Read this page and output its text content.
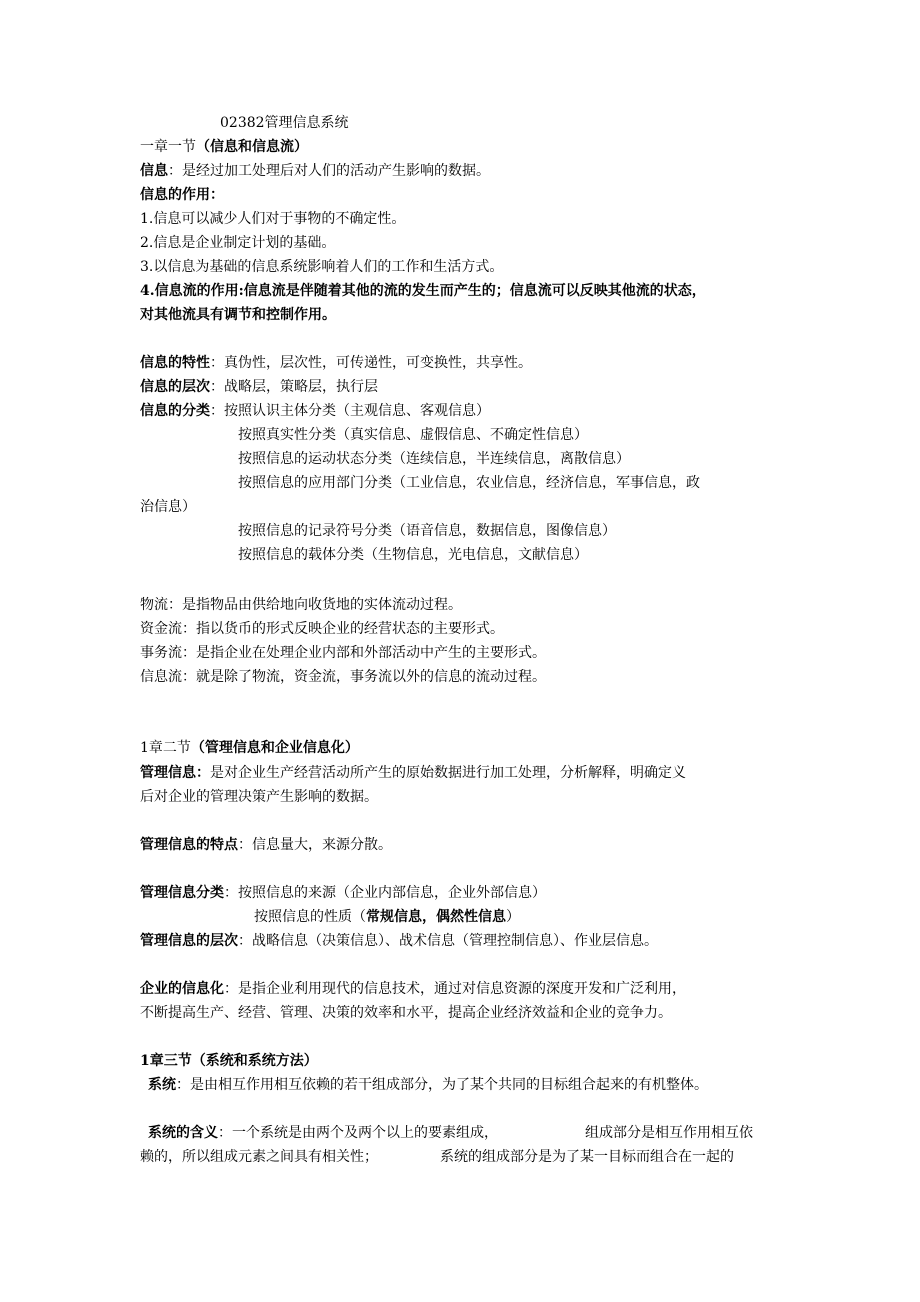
02382管理信息系统
一章一节（信息和信息流）
信息：是经过加工处理后对人们的活动产生影响的数据。
信息的作用：
1.信息可以减少人们对于事物的不确定性。
2.信息是企业制定计划的基础。
3.以信息为基础的信息系统影响着人们的工作和生活方式。
4.信息流的作用:信息流是伴随着其他的流的发生而产生的；信息流可以反映其他流的状态，
对其他流具有调节和控制作用。
信息的特性：真伪性，层次性，可传递性，可变换性，共享性。
信息的层次：战略层，策略层，执行层
信息的分类：按照认识主体分类（主观信息、客观信息）
按照真实性分类（真实信息、虚假信息、不确定性信息）
按照信息的运动状态分类（连续信息，半连续信息，离散信息）
按照信息的应用部门分类（工业信息，农业信息，经济信息，军事信息，政
治信息）
按照信息的记录符号分类（语音信息，数据信息，图像信息）
按照信息的载体分类（生物信息，光电信息，文献信息）
物流：是指物品由供给地向收货地的实体流动过程。
资金流：指以货币的形式反映企业的经营状态的主要形式。
事务流：是指企业在处理企业内部和外部活动中产生的主要形式。
信息流：就是除了物流，资金流，事务流以外的信息的流动过程。
1章二节（管理信息和企业信息化）
管理信息：是对企业生产经营活动所产生的原始数据进行加工处理，分析解释，明确定义
后对企业的管理决策产生影响的数据。
管理信息的特点：信息量大，来源分散。
管理信息分类：按照信息的来源（企业内部信息，企业外部信息）
按照信息的性质（常规信息，偶然性信息）
管理信息的层次：战略信息（决策信息）、战术信息（管理控制信息）、作业层信息。
企业的信息化：是指企业利用现代的信息技术，通过对信息资源的深度开发和广泛利用，
不断提高生产、经营、管理、决策的效率和水平，提高企业经济效益和企业的竞争力。
1章三节（系统和系统方法）
系统：是由相互作用相互依赖的若干组成部分，为了某个共同的目标组合起来的有机整体。
系统的含义：一个系统是由两个及两个以上的要素组成，	组成部分是相互作用相互依
赖的，所以组成元素之间具有相关性；	系统的组成部分是为了某一目标而组合在一起的
